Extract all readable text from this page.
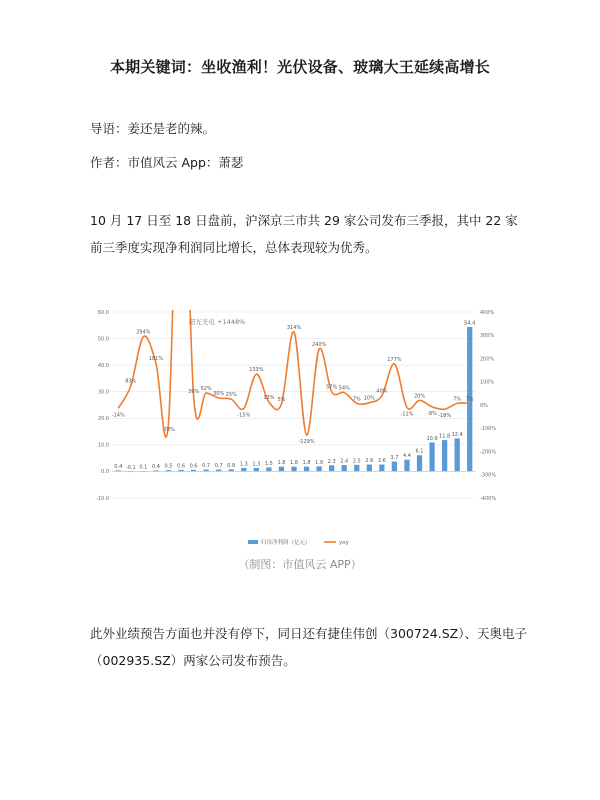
本期关键词：坐收渔利！光伏设备、玻璃大王延续高增长
导语：姜还是老的辣。
作者：市值风云 App：萧瑟
10 月 17 日至 18 日盘前，沪深京三市共 29 家公司发布三季报，其中 22 家前三季度实现净利润同比增长，总体表现较为优秀。
-10.0
0.0
10.0
20.0
30.0
40.0
50.0
60.0
-400%
-300%
-200%
-100%
0%
100%
200%
300%
400%
0.4 -0.1 0.1 0.4 0.5 0.6 0.6 0.7 0.7 0.8 1.3 1.3 1.5 1.8 1.8 1.8 1.9 2.3 2.4 2.5 2.6 2.6 3.7 4.4
6.1
10.9 11.8 12.4
54.4
-14%
83%
294%
181%
-78%
39%
52%
30% 25%
-15%
133%
13% 5%
314%
-129%
240%
57% 54%
7% 10%
40%
177%
-11%
20%
-8% -18%
7% 7%
阳光光电 +1448%
归母净利润（亿元）	yoy
（制图：市值风云 APP）
此外业绩预告方面也并没有停下，同日还有捷佳伟创（300724.SZ）、天奥电子（002935.SZ）两家公司发布预告。
